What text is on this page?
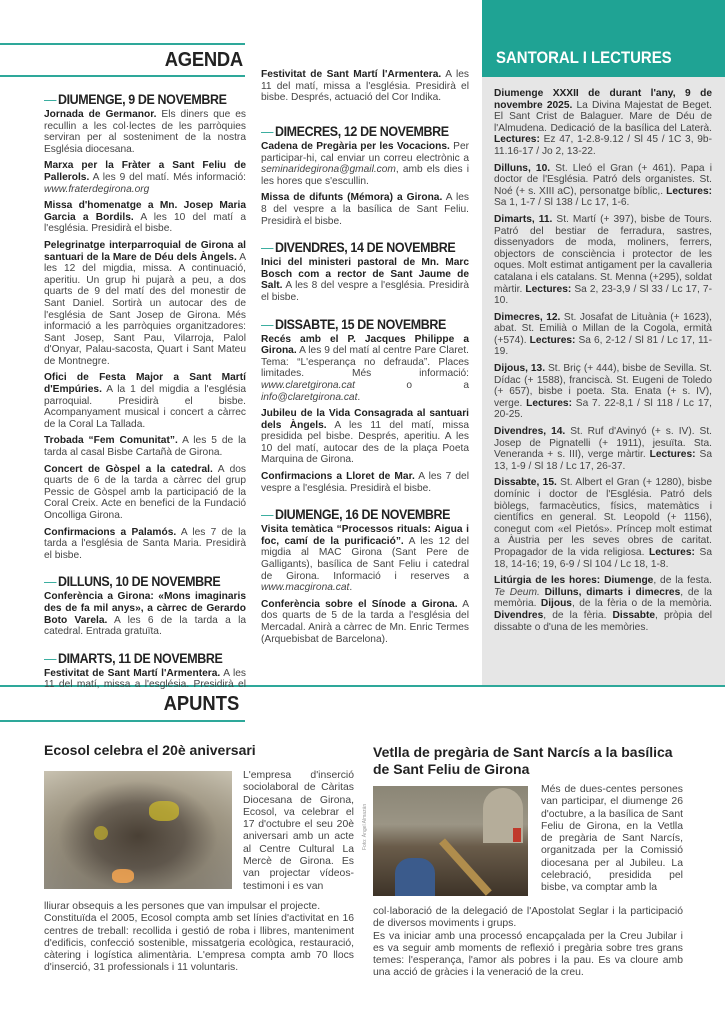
AGENDA	SANTORAL I LECTURES
— DIUMENGE, 9 DE NOVEMBRE
Jornada de Germanor. Els diners que es recullin a les col·lectes de les parròquies serviran per al sosteniment de la nostra Església diocesana.
Marxa per la Fràter a Sant Feliu de Pallerols. A les 9 del matí. Més informació: www.fraterdegirona.org
Missa d'homenatge a Mn. Josep Maria Garcia a Bordils. A les 10 del matí a l'església. Presidirà el bisbe.
Pelegrinatge interparroquial de Girona al santuari de la Mare de Déu dels Àngels. A les 12 del migdia, missa. A continuació, aperitiu. Un grup hi pujarà a peu, a dos quarts de 9 del matí des del monestir de Sant Daniel. Sortirà un autocar des de l'església de Sant Josep de Girona. Més informació a les parròquies organitzadores: Sant Josep, Sant Pau, Vilarroja, Palol d'Onyar, Palau-sacosta, Quart i Sant Mateu de Montnegre.
Ofici de Festa Major a Sant Martí d'Empúries. A la 1 del migdia a l'església parroquial. Presidirà el bisbe. Acompanyament musical i concert a càrrec de la Coral La Tallada.
Trobada “Fem Comunitat”. A les 5 de la tarda al casal Bisbe Cartañà de Girona.
Concert de Gòspel a la catedral. A dos quarts de 6 de la tarda a càrrec del grup Pessic de Gòspel amb la participació de la Coral Creix. Acte en benefici de la Fundació Oncolliga Girona.
Confirmacions a Palamós. A les 7 de la tarda a l'església de Santa Maria. Presidirà el bisbe.
— DILLUNS, 10 DE NOVEMBRE
Conferència a Girona: «Mons imaginaris des de fa mil anys», a càrrec de Gerardo Boto Varela. A les 6 de la tarda a la catedral. Entrada gratuïta.
— DIMARTS, 11 DE NOVEMBRE
Festivitat de Sant Martí l'Armentera. A les 11 del matí, missa a l'església. Presidirà el
Festivitat de Sant Martí l'Armentera. A les 11 del matí, missa a l'església. Presidirà el bisbe. Després, actuació del Cor Indika.
— DIMECRES, 12 DE NOVEMBRE
Cadena de Pregària per les Vocacions. Per participar-hi, cal enviar un correu electrònic a seminaridegirona@gmail.com, amb els dies i les hores que s'escullin.
Missa de difunts (Mémora) a Girona. A les 8 del vespre a la basílica de Sant Feliu. Presidirà el bisbe.
— DIVENDRES, 14 DE NOVEMBRE
Inici del ministeri pastoral de Mn. Marc Bosch com a rector de Sant Jaume de Salt. A les 8 del vespre a l'església. Presidirà el bisbe.
— DISSABTE, 15 DE NOVEMBRE
Recés amb el P. Jacques Philippe a Girona. A les 9 del matí al centre Pare Claret. Tema: “L'esperança no defrauda”. Places limitades. Més informació: www.claretgirona.cat o a info@claretgirona.cat.
Jubileu de la Vida Consagrada al santuari dels Àngels. A les 11 del matí, missa presidida pel bisbe. Després, aperitiu. A les 10 del matí, autocar des de la plaça Poeta Marquina de Girona.
Confirmacions a Lloret de Mar. A les 7 del vespre a l'església. Presidirà el bisbe.
— DIUMENGE, 16 DE NOVEMBRE
Visita temàtica “Processos rituals: Aigua i foc, camí de la purificació”. A les 12 del migdia al MAC Girona (Sant Pere de Galligants), basílica de Sant Feliu i catedral de Girona. Informació i reserves a www.macgirona.cat.
Conferència sobre el Sínode a Girona. A dos quarts de 5 de la tarda a l'església del Mercadal. Anirà a càrrec de Mn. Enric Termes (Arquebisbat de Barcelona).
Diumenge XXXII de durant l'any, 9 de novembre 2025. La Divina Majestat de Beget. El Sant Crist de Balaguer. Mare de Déu de l'Almudena. Dedicació de la basílica del Laterà. Lectures: Ez 47, 1-2.8-9.12 / Sl 45 / 1C 3, 9b-11.16-17 / Jo 2, 13-22.
Dilluns, 10. St. Lleó el Gran (+ 461). Papa i doctor de l'Església. Patró dels organistes. St. Noé (+ s. XIII aC), personatge bíblic,. Lectures: Sa 1, 1-7 / Sl 138 / Lc 17, 1-6.
Dimarts, 11. St. Martí (+ 397), bisbe de Tours. Patró del bestiar de ferradura, sastres, dissenyadors de moda, moliners, ferrers, objectors de consciència i protector de les oques. Molt estimat antigament per la cavalleria catalana i els catalans. St. Menna (+295), soldat màrtir. Lectures: Sa 2, 23-3,9 / Sl 33 / Lc 17, 7-10.
Dimecres, 12. St. Josafat de Lituània (+ 1623), abat. St. Emilià o Millan de la Cogola, ermità (+574). Lectures: Sa 6, 2-12 / Sl 81 / Lc 17, 11-19.
Dijous, 13. St. Briç (+ 444), bisbe de Sevilla. St. Dídac (+ 1588), franciscà. St. Eugeni de Toledo (+ 657), bisbe i poeta. Sta. Enata (+ s. IV), verge. Lectures: Sa 7. 22-8,1 / Sl 118 / Lc 17, 20-25.
Divendres, 14. St. Ruf d'Avinyó (+ s. IV). St. Josep de Pignatelli (+ 1911), jesuïta. Sta. Veneranda + s. III), verge màrtir. Lectures: Sa 13, 1-9 / Sl 18 / Lc 17, 26-37.
Dissabte, 15. St. Albert el Gran (+ 1280), bisbe domínic i doctor de l'Església. Patró dels biòlegs, farmacèutics, físics, matemàtics i científics en general. St. Leopold (+ 1156), conegut com «el Pietós». Príncep molt estimat a Àustria per les seves obres de caritat. Propagador de la vida religiosa. Lectures: Sa 18, 14-16; 19, 6-9 / Sl 104 / Lc 18, 1-8.
Litúrgia de les hores: Diumenge, de la festa. Te Deum. Dilluns, dimarts i dimecres, de la memòria. Dijous, de la fèria o de la memòria. Divendres, de la fèria. Dissabte, pròpia del dissabte o d'una de les memòries.
APUNTS
Ecosol celebra el 20è aniversari
L'empresa d'inserció sociolaboral de Càritas Diocesana de Girona, Ecosol, va celebrar el 17 d'octubre el seu 20è aniversari amb un acte al Centre Cultural La Mercè de Girona. Es van projectar vídeos-testimoni i es van
lliurar obsequis a les persones que van impulsar el projecte.
Constituïda el 2005, Ecosol compta amb set línies d'activitat en 16 centres de treball: recollida i gestió de roba i llibres, manteniment d'edificis, confecció sostenible, missatgeria ecològica, restauració, càtering i logística alimentària. L'empresa compta amb 70 llocs d'inserció, 31 professionals i 11 voluntaris.
Vetlla de pregària de Sant Narcís a la basílica de Sant Feliu de Girona
Foto: Àngel Almazán
Més de dues-centes persones van participar, el diumenge 26 d'octubre, a la basílica de Sant Feliu de Girona, en la Vetlla de pregària de Sant Narcís, organitzada per la Comissió diocesana per al Jubileu. La celebració, presidida pel bisbe, va comptar amb la
col·laboració de la delegació de l'Apostolat Seglar i la participació de diversos moviments i grups.
Es va iniciar amb una processó encapçalada per la Creu Jubilar i es va seguir amb moments de reflexió i pregària sobre tres grans temes: l'esperança, l'amor als pobres i la pau. Es va cloure amb una acció de gràcies i la veneració de la creu.
